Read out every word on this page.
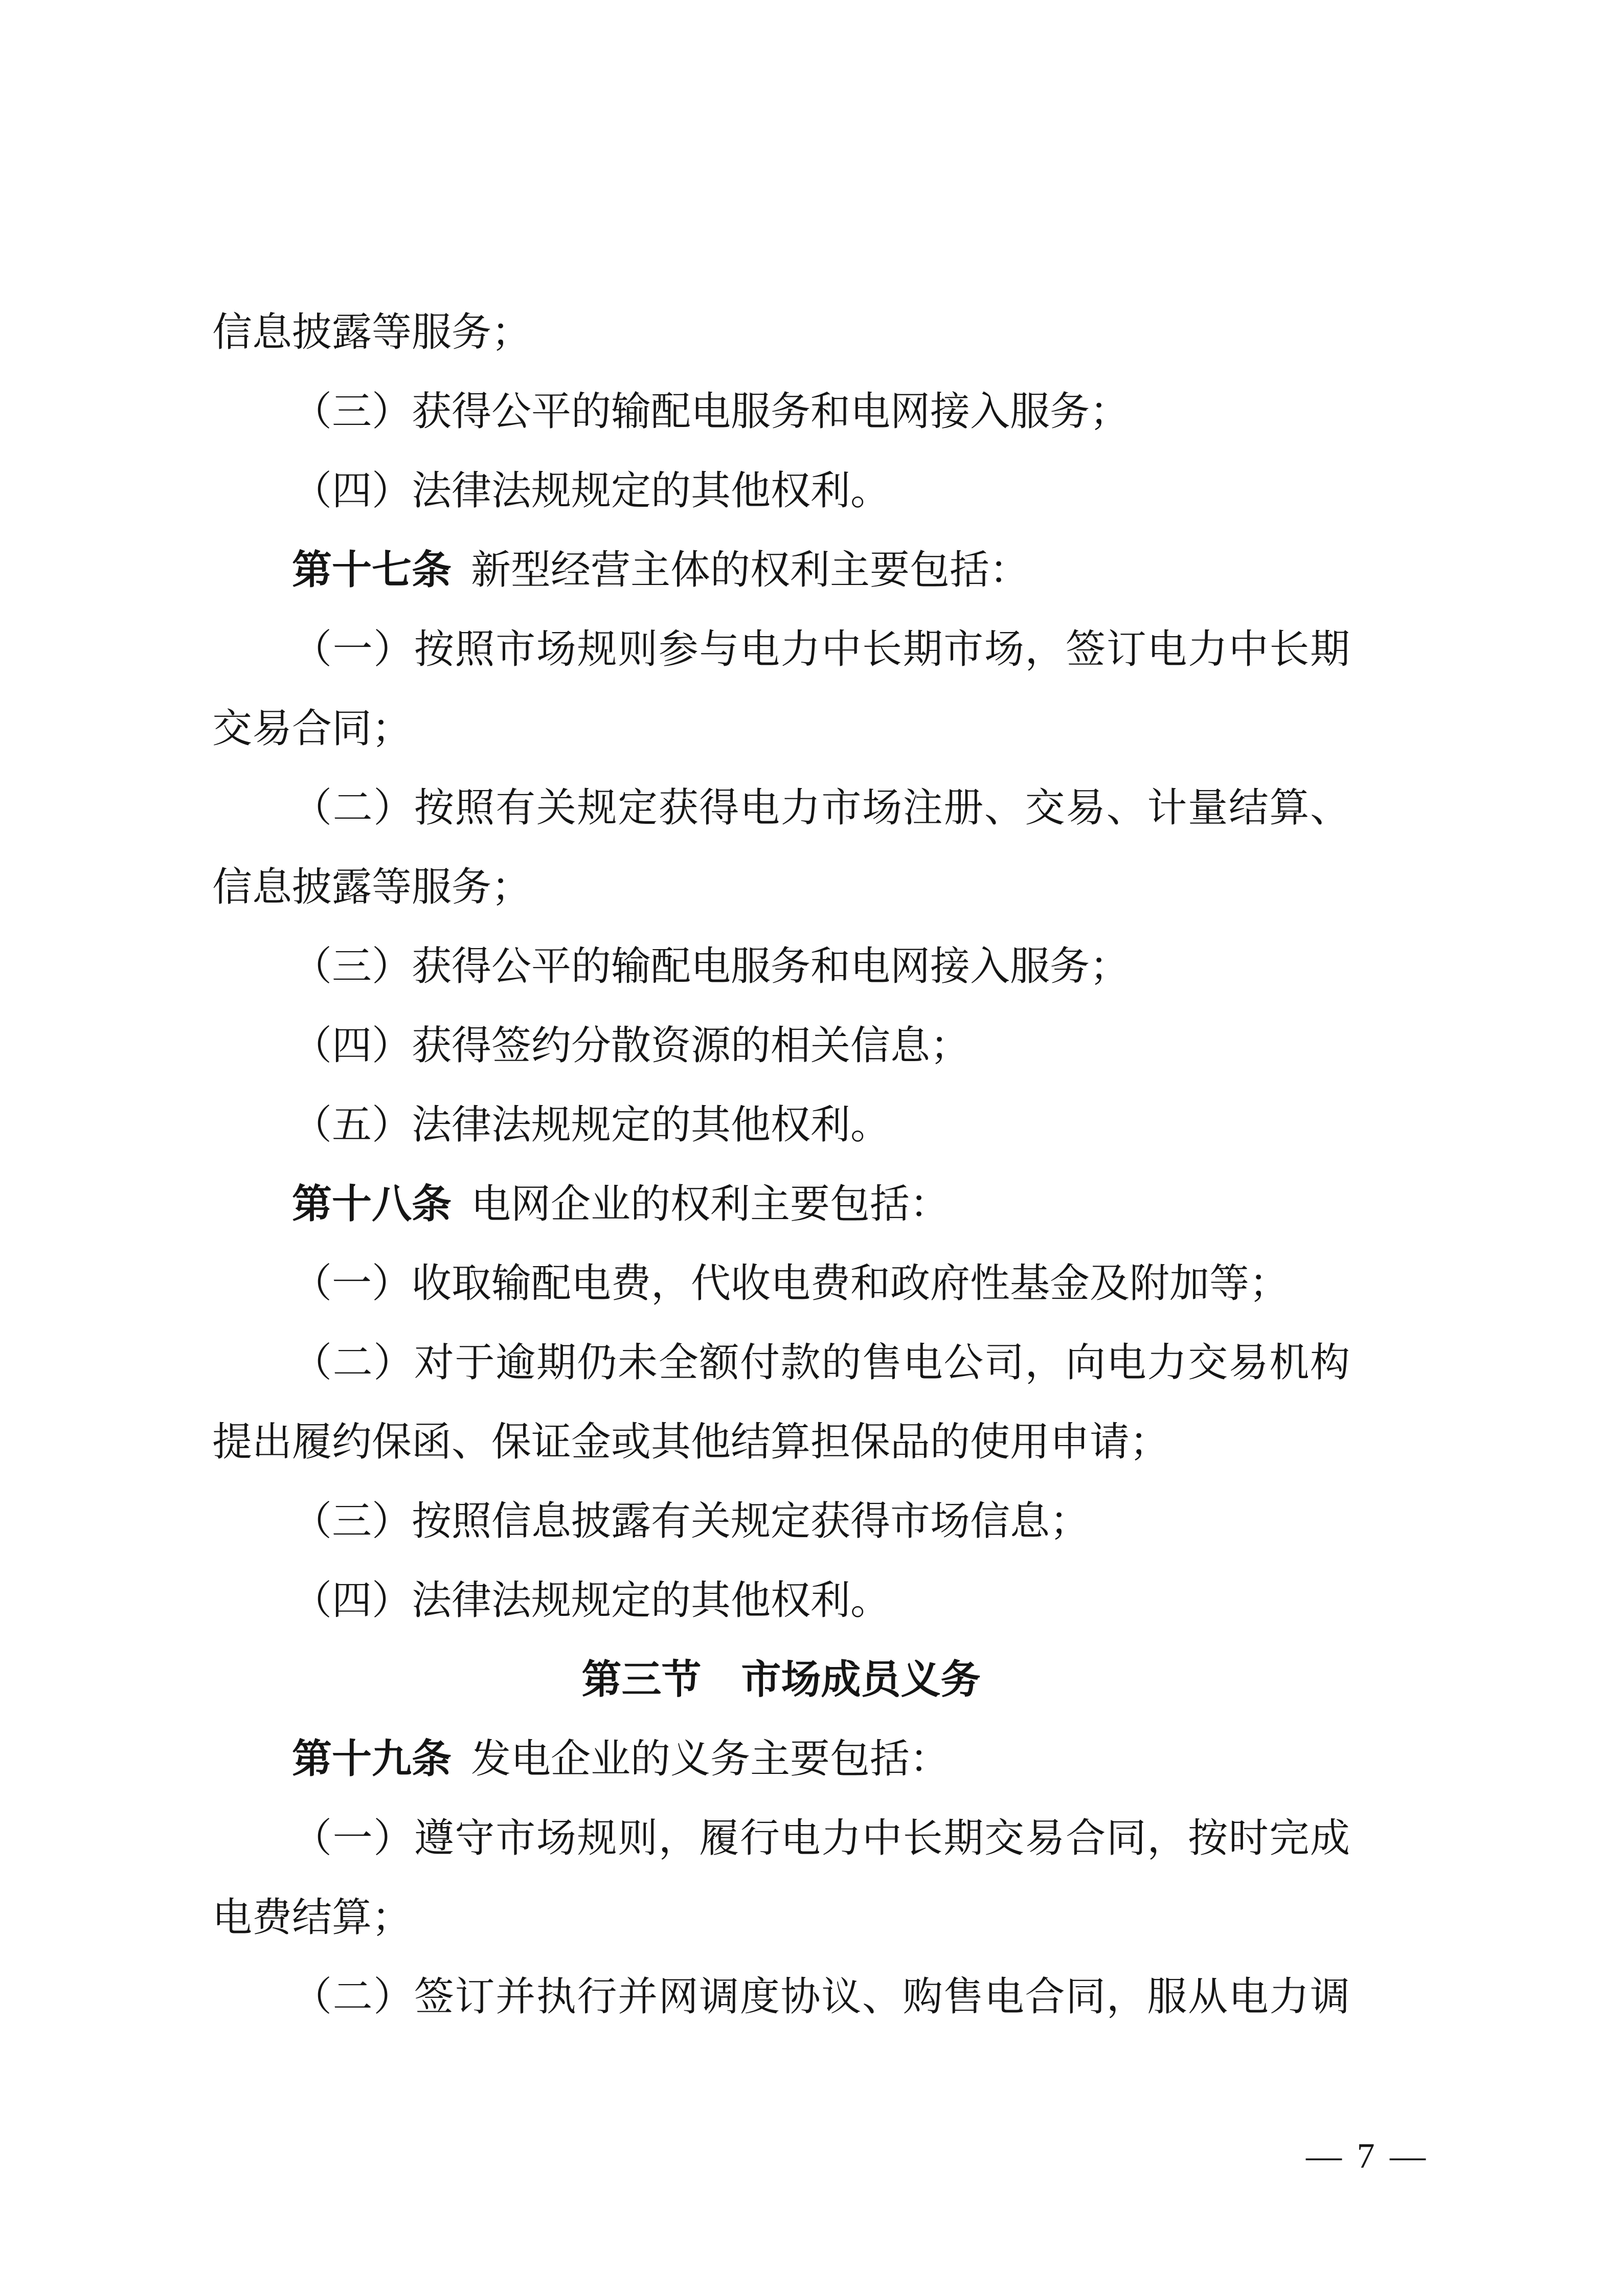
信息披露等服务；

（三）获得公平的输配电服务和电网接入服务；

（四）法律法规规定的其他权利。

第十七条 新型经营主体的权利主要包括：

（一）按照市场规则参与电力中长期市场，签订电力中长期

交易合同；

（二）按照有关规定获得电力市场注册、交易、计量结算、

信息披露等服务；

（三）获得公平的输配电服务和电网接入服务；

（四）获得签约分散资源的相关信息；

（五）法律法规规定的其他权利。

第十八条 电网企业的权利主要包括：

（一）收取输配电费，代收电费和政府性基金及附加等；

（二）对于逾期仍未全额付款的售电公司，向电力交易机构

提出履约保函、保证金或其他结算担保品的使用申请；

（三）按照信息披露有关规定获得市场信息；

（四）法律法规规定的其他权利。

第三节　市场成员义务

第十九条 发电企业的义务主要包括：

（一）遵守市场规则，履行电力中长期交易合同，按时完成

电费结算；

（二）签订并执行并网调度协议、购售电合同，服从电力调

— 7 —
